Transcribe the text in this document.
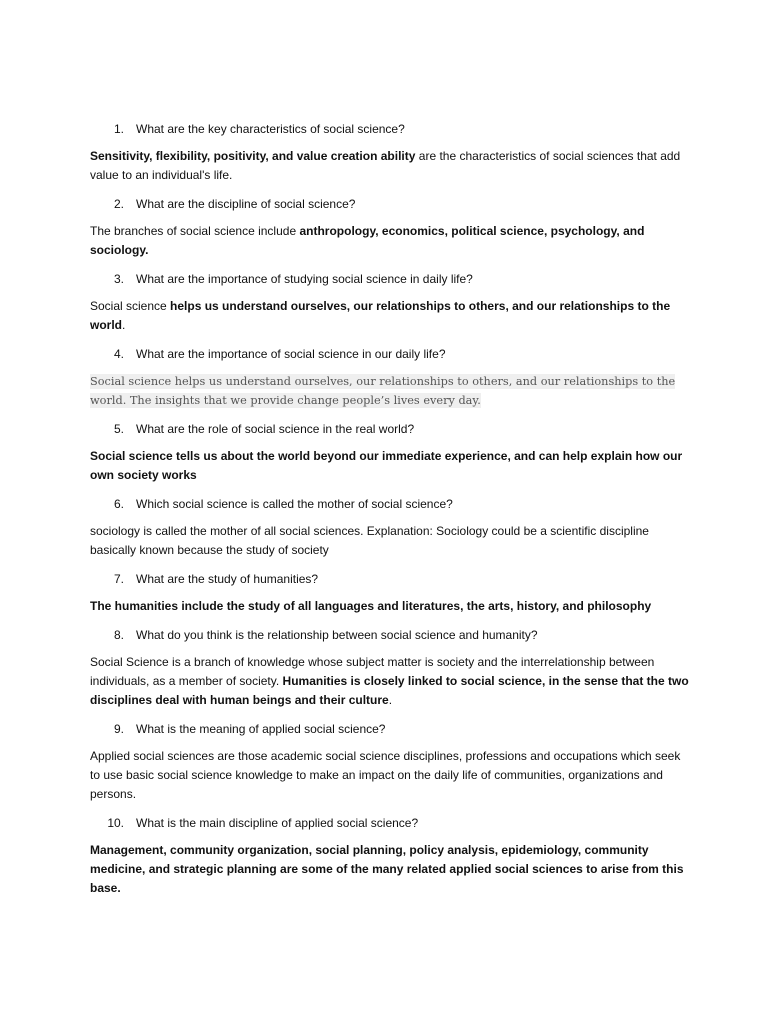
1.	What are the key characteristics of social science?

Sensitivity, flexibility, positivity, and value creation ability are the characteristics of social sciences that add value to an individual's life.

2.	What are the discipline of social science?

The branches of social science include anthropology, economics, political science, psychology, and sociology.

3.	What are the importance of studying social science in daily life?

Social science helps us understand ourselves, our relationships to others, and our relationships to the world.

4.	What are the importance of social science in our daily life?

Social science helps us understand ourselves, our relationships to others, and our relationships to the world. The insights that we provide change people’s lives every day.

5.	What are the role of social science in the real world?

Social science tells us about the world beyond our immediate experience, and can help explain how our own society works

6.	Which social science is called the mother of social science?

sociology is called the mother of all social sciences. Explanation: Sociology could be a scientific discipline basically known because the study of society

7.	What are the study of humanities?

The humanities include the study of all languages and literatures, the arts, history, and philosophy

8.	What do you think is the relationship between social science and humanity?

Social Science is a branch of knowledge whose subject matter is society and the interrelationship between individuals, as a member of society. Humanities is closely linked to social science, in the sense that the two disciplines deal with human beings and their culture.

9.	What is the meaning of applied social science?

Applied social sciences are those academic social science disciplines, professions and occupations which seek to use basic social science knowledge to make an impact on the daily life of communities, organizations and persons.

10.	What is the main discipline of applied social science?

Management, community organization, social planning, policy analysis, epidemiology, community medicine, and strategic planning are some of the many related applied social sciences to arise from this base.
